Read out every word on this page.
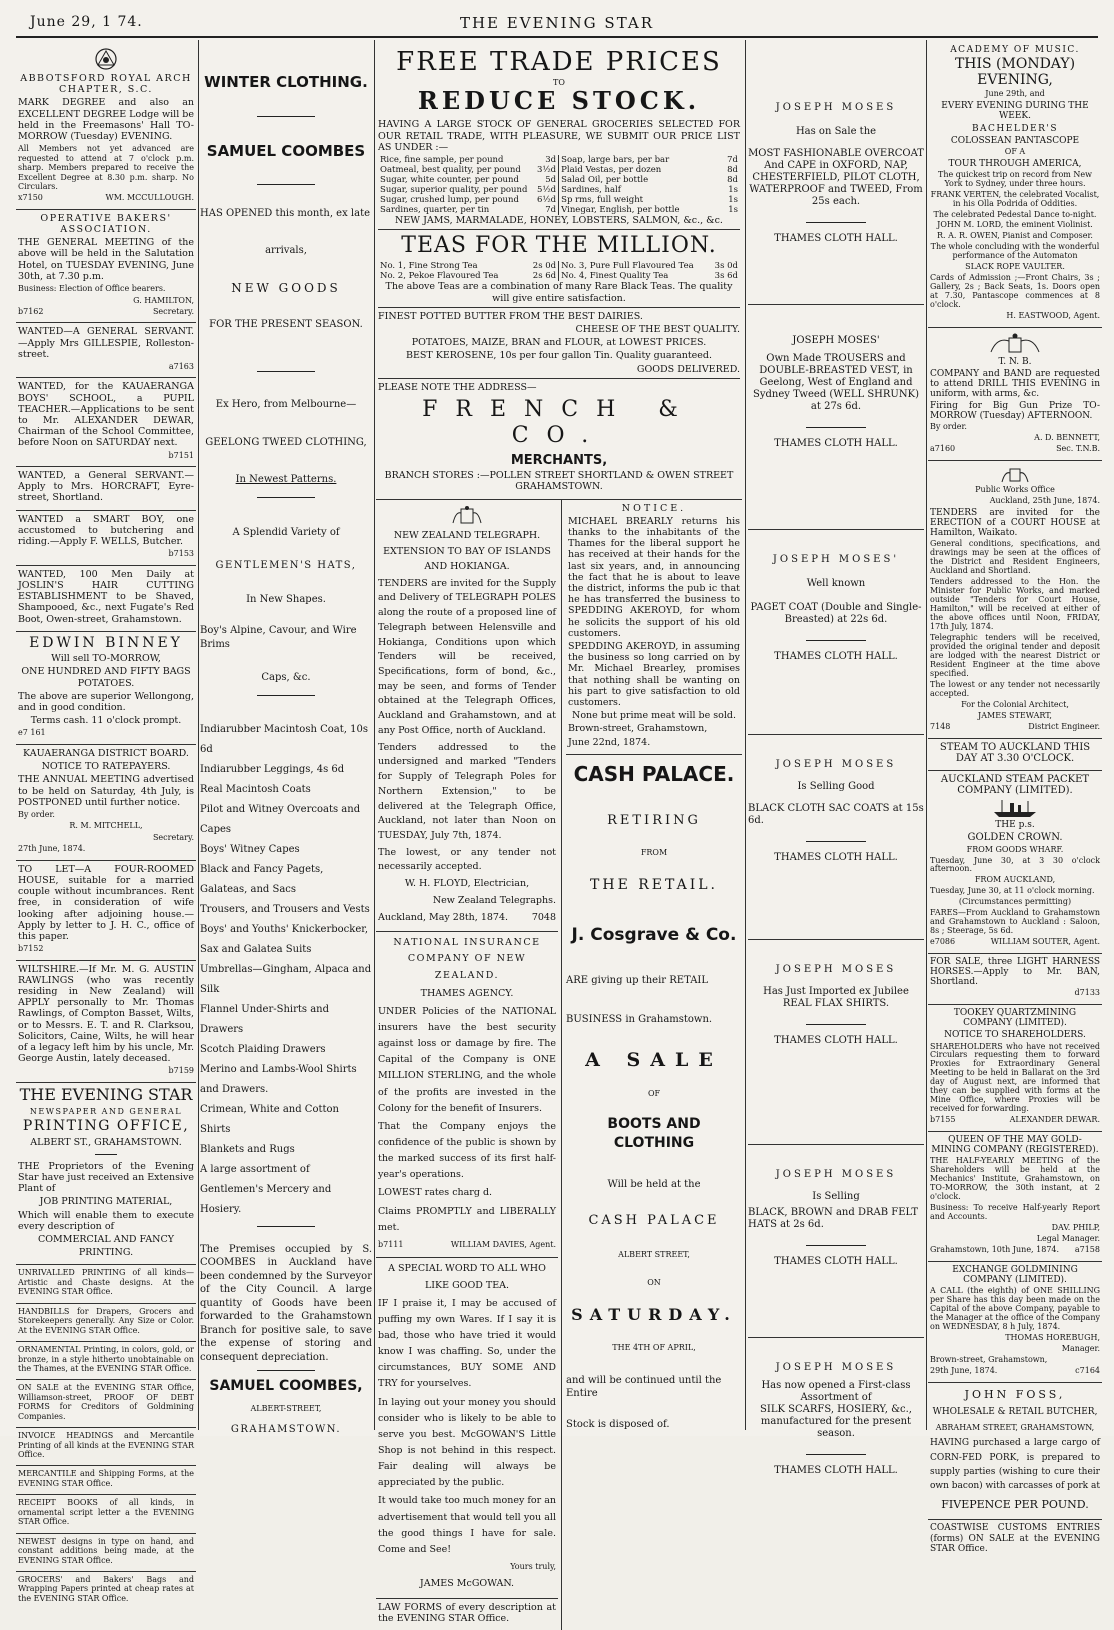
June 29, 1 74.	THE EVENING STAR

ABBOTSFORD ROYAL ARCH CHAPTER, S.C.

MARK DEGREE and also an EXCELLENT DEGREE Lodge will be held in the Freemasons' Hall TO-MORROW (Tuesday) EVENING.

All Members not yet advanced are requested to attend at 7 o'clock p.m. sharp. Members prepared to receive the Excellent Degree at 8.30 p.m. sharp. No Circulars.

x7150	WM. MCCULLOUGH.

OPERATIVE BAKERS' ASSOCIATION.

THE GENERAL MEETING of the above will be held in the Salutation Hotel, on TUESDAY EVENING, June 30th, at 7.30 p.m.

Business: Election of Office bearers.

G. HAMILTON,

b7162	Secretary.

WANTED—A GENERAL SERVANT. —Apply Mrs GILLESPIE, Rolleston-street.

a7163

WANTED, for the KAUAERANGA BOYS' SCHOOL, a PUPIL TEACHER.—Applications to be sent to Mr. ALEXANDER DEWAR, Chairman of the School Committee, before Noon on SATURDAY next.

b7151

WANTED, a General SERVANT.—Apply to Mrs. HORCRAFT, Eyre-street, Shortland.

WANTED a SMART BOY, one accustomed to butchering and riding.—Apply F. WELLS, Butcher.

b7153

WANTED, 100 Men Daily at JOSLIN'S HAIR CUTTING ESTABLISHMENT to be Shaved, Shampooed, &c., next Fugate's Red Boot, Owen-street, Grahamstown.

EDWIN BINNEY

Will sell TO-MORROW,

ONE HUNDRED AND FIFTY BAGS POTATOES.

The above are superior Wellongong, and in good condition.

Terms cash. 11 o'clock prompt.

e7 161

KAUAERANGA DISTRICT BOARD.

NOTICE TO RATEPAYERS.

THE ANNUAL MEETING advertised to be held on Saturday, 4th July, is POSTPONED until further notice.

By order.

R. M. MITCHELL,

Secretary.

27th June, 1874.

TO LET—A FOUR-ROOMED HOUSE, suitable for a married couple without incumbrances. Rent free, in consideration of wife looking after adjoining house.—Apply by letter to J. H. C., office of this paper.

b7152

WILTSHIRE.—If Mr. M. G. AUSTIN RAWLINGS (who was recently residing in New Zealand) will APPLY personally to Mr. Thomas Rawlings, of Compton Basset, Wilts, or to Messrs. E. T. and R. Clarksou, Solicitors, Caine, Wilts, he will hear of a legacy left him by his uncle, Mr. George Austin, lately deceased.

b7159

THE EVENING STAR

NEWSPAPER AND GENERAL

PRINTING OFFICE,

ALBERT ST., GRAHAMSTOWN.

THE Proprietors of the Evening Star have just received an Extensive Plant of

JOB PRINTING MATERIAL,

Which will enable them to execute every description of

COMMERCIAL AND FANCY

PRINTING.

UNRIVALLED PRINTING of all kinds—Artistic and Chaste designs. At the EVENING STAR Office.

HANDBILLS for Drapers, Grocers and Storekeepers generally. Any Size or Color. At the EVENING STAR Office.

ORNAMENTAL Printing, in colors, gold, or bronze, in a style hitherto unobtainable on the Thames, at the EVENING STAR Office.

ON SALE at the EVENING STAR Office, Williamson-street, PROOF OF DEBT FORMS for Creditors of Goldmining Companies.

INVOICE HEADINGS and Mercantile Printing of all kinds at the EVENING STAR Office.

MERCANTILE and Shipping Forms, at the EVENING STAR Office.

RECEIPT BOOKS of all kinds, in ornamental script letter a the EVENING STAR Office.

NEWEST designs in type on hand, and constant additions being made, at the EVENING STAR Office.

GROCERS' and Bakers' Bags and Wrapping Papers printed at cheap rates at the EVENING STAR Office.

WINTER CLOTHING.

SAMUEL COOMBES

HAS OPENED this month, ex late

arrivals,

NEW GOODS

FOR THE PRESENT SEASON.

Ex Hero, from Melbourne—

GEELONG TWEED CLOTHING,

In Newest Patterns.

A Splendid Variety of

GENTLEMEN'S HATS,

In New Shapes.

Boy's Alpine, Cavour, and Wire Brims

Caps, &c.

Indiarubber Macintosh Coat, 10s 6d
Indiarubber Leggings, 4s 6d
Real Macintosh Coats
Pilot and Witney Overcoats and Capes
Boys' Witney Capes
Black and Fancy Pagets, Galateas, and Sacs
Trousers, and Trousers and Vests
Boys' and Youths' Knickerbocker, Sax and Galatea Suits
Umbrellas—Gingham, Alpaca and Silk
Flannel Under-Shirts and Drawers
Scotch Plaiding Drawers
Merino and Lambs-Wool Shirts and Drawers.
Crimean, White and Cotton Shirts
Blankets and Rugs
A large assortment of Gentlemen's Mercery and Hosiery.

The Premises occupied by S. COOMBES in Auckland have been condemned by the Surveyor of the City Council. A large quantity of Goods have been forwarded to the Grahamstown Branch for positive sale, to save the expense of storing and consequent depreciation.

SAMUEL COOMBES,

ALBERT-STREET,

GRAHAMSTOWN.

FREE TRADE PRICES

TO

REDUCE STOCK.

HAVING A LARGE STOCK OF GENERAL GROCERIES SELECTED FOR OUR RETAIL TRADE, WITH PLEASURE, WE SUBMIT OUR PRICE LIST AS UNDER :—

Rice, fine sample, per pound	3d
Oatmeal, best quality, per pound	3½d
Sugar, white counter, per pound	5d
Sugar, superior quality, per pound	5½d
Sugar, crushed lump, per pound	6½d
Sardines, quarter, per tin	7d
Soap, large bars, per bar	7d
Plaid Vestas, per dozen	8d
Salad Oil, per bottle	8d
Sardines, half	1s
Sp rms, full weight	1s
Vinegar, English, per bottle	1s

NEW JAMS, MARMALADE, HONEY, LOBSTERS, SALMON, &c., &c.

TEAS FOR THE MILLION.

No. 1, Fine Strong Tea	2s 0d
No. 2, Pekoe Flavoured Tea	2s 6d
No. 3, Pure Full Flavoured Tea	3s 0d
No. 4, Finest Quality Tea	3s 6d

The above Teas are a combination of many Rare Black Teas. The quality will give entire satisfaction.

FINEST POTTED BUTTER FROM THE BEST DAIRIES.

CHEESE OF THE BEST QUALITY.

POTATOES, MAIZE, BRAN and FLOUR, at LOWEST PRICES.

BEST KEROSENE, 10s per four gallon Tin. Quality guaranteed.

GOODS DELIVERED.

PLEASE NOTE THE ADDRESS—

FRENCH & CO.

MERCHANTS,

BRANCH STORES :—POLLEN STREET SHORTLAND & OWEN STREET GRAHAMSTOWN.

NEW ZEALAND TELEGRAPH.

EXTENSION TO BAY OF ISLANDS AND HOKIANGA.

TENDERS are invited for the Supply and Delivery of TELEGRAPH POLES along the route of a proposed line of Telegraph between Helensville and Hokianga, Conditions upon which Tenders will be received, Specifications, form of bond, &c., may be seen, and forms of Tender obtained at the Telegraph Offices, Auckland and Grahamstown, and at any Post Office, north of Auckland.

Tenders addressed to the undersigned and marked "Tenders for Supply of Telegraph Poles for Northern Extension," to be delivered at the Telegraph Office, Auckland, not later than Noon on TUESDAY, July 7th, 1874.

The lowest, or any tender not necessarily accepted.

W. H. FLOYD, Electrician,

New Zealand Telegraphs.

Auckland, May 28th, 1874.	7048

NATIONAL INSURANCE COMPANY OF NEW ZEALAND.

THAMES AGENCY.

UNDER Policies of the NATIONAL insurers have the best security against loss or damage by fire. The Capital of the Company is ONE MILLION STERLING, and the whole of the profits are invested in the Colony for the benefit of Insurers.

That the Company enjoys the confidence of the public is shown by the marked success of its first half-year's operations.

LOWEST rates charg d.

Claims PROMPTLY and LIBERALLY met.

b7111	WILLIAM DAVIES, Agent.

A SPECIAL WORD TO ALL WHO LIKE GOOD TEA.

IF I praise it, I may be accused of puffing my own Wares. If I say it is bad, those who have tried it would know I was chaffing. So, under the circumstances, BUY SOME AND TRY for yourselves.

In laying out your money you should consider who is likely to be able to serve you best. McGOWAN'S Little Shop is not behind in this respect. Fair dealing will always be appreciated by the public.

It would take too much money for an advertisement that would tell you all the good things I have for sale. Come and See!

Yours truly,

JAMES McGOWAN.

LAW FORMS of every description at the EVENING STAR Office.

NOTICE.

MICHAEL BREARLY returns his thanks to the inhabitants of the Thames for the liberal support he has received at their hands for the last six years, and, in announcing the fact that he is about to leave the district, informs the pub ic that he has transferred the business to SPEDDING AKEROYD, for whom he solicits the support of his old customers.

SPEDDING AKEROYD, in assuming the business so long carried on by Mr. Michael Brearley, promises that nothing shall be wanting on his part to give satisfaction to old customers.

None but prime meat will be sold.

Brown-street, Grahamstown,

June 22nd, 1874.

CASH PALACE.

RETIRING

FROM

THE RETAIL.

J. Cosgrave & Co.

ARE giving up their RETAIL

BUSINESS in Grahamstown.

A SALE

OF

BOOTS AND CLOTHING

Will be held at the

CASH PALACE

ALBERT STREET,

ON

SATURDAY.

THE 4TH OF APRIL,

and will be continued until the Entire

Stock is disposed of.

JOSEPH MOSES

Has on Sale the

MOST FASHIONABLE OVERCOAT And CAPE in OXFORD, NAP, CHESTERFIELD, PILOT CLOTH, WATERPROOF and TWEED, From 25s each.

THAMES CLOTH HALL.

JOSEPH MOSES'

Own Made TROUSERS and DOUBLE-BREASTED VEST, in Geelong, West of England and Sydney Tweed (WELL SHRUNK) at 27s 6d.

THAMES CLOTH HALL.

JOSEPH MOSES'

Well known

PAGET COAT (Double and Single-Breasted) at 22s 6d.

THAMES CLOTH HALL.

JOSEPH MOSES

Is Selling Good

BLACK CLOTH SAC COATS at 15s 6d.

THAMES CLOTH HALL.

JOSEPH MOSES

Has Just Imported ex Jubilee

REAL FLAX SHIRTS.

THAMES CLOTH HALL.

JOSEPH MOSES

Is Selling

BLACK, BROWN and DRAB FELT HATS at 2s 6d.

THAMES CLOTH HALL.

JOSEPH MOSES

Has now opened a First-class Assortment of

SILK SCARFS, HOSIERY, &c., manufactured for the present season.

THAMES CLOTH HALL.

ACADEMY OF MUSIC.

THIS (MONDAY) EVENING,

June 29th, and

EVERY EVENING DURING THE WEEK.

BACHELDER'S

COLOSSEAN PANTASCOPE

OF A

TOUR THROUGH AMERICA,

The quickest trip on record from New York to Sydney, under three hours.

FRANK VERTEN, the celebrated Vocalist, in his Olla Podrida of Oddities.

The celebrated Pedestal Dance to-night.

JOHN M. LORD, the eminent Violinist.

R. A. R. OWEN, Pianist and Composer.

The whole concluding with the wonderful performance of the Automaton

SLACK ROPE VAULTER.

Cards of Admission ;—Front Chairs, 3s ; Gallery, 2s ; Back Seats, 1s. Doors open at 7.30, Pantascope commences at 8 o'clock.

H. EASTWOOD, Agent.

T. N. B.

COMPANY and BAND are requested to attend DRILL THIS EVENING in uniform, with arms, &c.

Firing for Big Gun Prize TO-MORROW (Tuesday) AFTERNOON.

By order.

A. D. BENNETT,

a7160	Sec. T.N.B.

Public Works Office

Auckland, 25th June, 1874.

TENDERS are invited for the ERECTION of a COURT HOUSE at Hamilton, Waikato.

General conditions, specifications, and drawings may be seen at the offices of the District and Resident Engineers, Auckland and Shortland.

Tenders addressed to the Hon. the Minister for Public Works, and marked outside "Tenders for Court House, Hamilton," will be received at either of the above offices until Noon, FRIDAY, 17th July, 1874.

Telegraphic tenders will be received, provided the original tender and deposit are lodged with the nearest District or Resident Engineer at the time above specified.

The lowest or any tender not necessarily accepted.

For the Colonial Architect,

JAMES STEWART,

7148	District Engineer.

STEAM TO AUCKLAND THIS DAY AT 3.30 O'CLOCK.

AUCKLAND STEAM PACKET COMPANY (LIMITED).

THE p.s.

GOLDEN CROWN.

FROM GOODS WHARF.

Tuesday, June 30, at 3 30 o'clock afternoon.

FROM AUCKLAND,

Tuesday, June 30, at 11 o'clock morning.

(Circumstances permitting)

FARES—From Auckland to Grahamstown and Grahamstown to Auckland : Saloon, 8s ; Steerage, 5s 6d.

e7086	WILLIAM SOUTER, Agent.

FOR SALE, three LIGHT HARNESS HORSES.—Apply to Mr. BAN, Shortland.

d7133

TOOKEY QUARTZMINING COMPANY (LIMITED).

NOTICE TO SHAREHOLDERS.

SHAREHOLDERS who have not received Circulars requesting them to forward Proxies for Extraordinary General Meeting to be held in Ballarat on the 3rd day of August next, are informed that they can be supplied with forms at the Mine Office, where Proxies will be received for forwarding.

b7155	ALEXANDER DEWAR.

QUEEN OF THE MAY GOLD-MINING COMPANY (REGISTERED).

THE HALF-YEARLY MEETING of the Shareholders will be held at the Mechanics' Institute, Grahamstown, on TO-MORROW, the 30th instant, at 2 o'clock.

Business: To receive Half-yearly Report and Accounts.

DAV. PHILP,

Legal Manager.

Grahamstown, 10th June, 1874. a7158

EXCHANGE GOLDMINING COMPANY (LIMITED).

A CALL (the eighth) of ONE SHILLING per Share has this day been made on the Capital of the above Company, payable to the Manager at the office of the Company on WEDNESDAY, 8 h July, 1874.

THOMAS HOREBUGH,

Manager.

Brown-street, Grahamstown,

29th June, 1874.	c7164

JOHN FOSS,

WHOLESALE & RETAIL BUTCHER,

ABRAHAM STREET, GRAHAMSTOWN,

HAVING purchased a large cargo of CORN-FED PORK, is prepared to supply parties (wishing to cure their own bacon) with carcasses of pork at

FIVEPENCE PER POUND.

COASTWISE CUSTOMS ENTRIES (forms) ON SALE at the EVENING STAR Office.
